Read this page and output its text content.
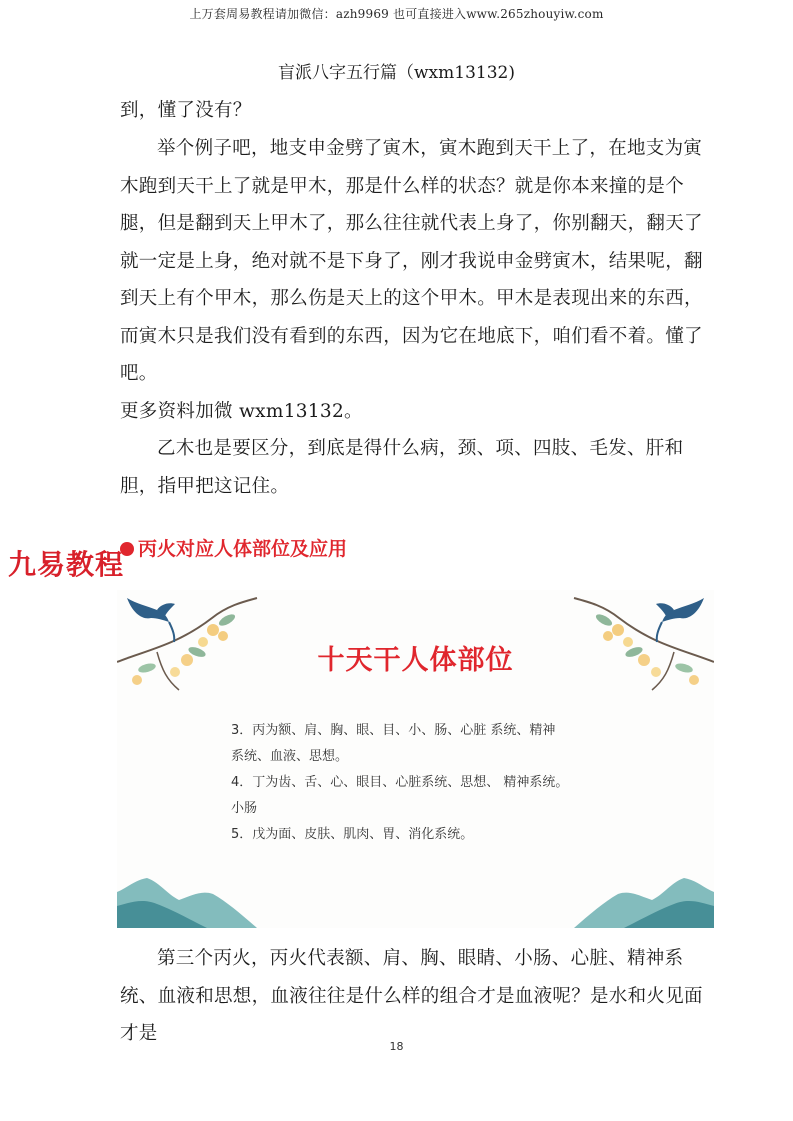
上万套周易教程请加微信：azh9969 也可直接进入www.265zhouyiw.com
盲派八字五行篇（wxm13132)

到，懂了没有？

举个例子吧，地支申金劈了寅木，寅木跑到天干上了，在地支为寅木跑到天干上了就是甲木，那是什么样的状态？就是你本来撞的是个腿，但是翻到天上甲木了，那么往往就代表上身了，你别翻天，翻天了就一定是上身，绝对就不是下身了，刚才我说申金劈寅木，结果呢，翻到天上有个甲木，那么伤是天上的这个甲木。甲木是表现出来的东西，而寅木只是我们没有看到的东西，因为它在地底下，咱们看不着。懂了吧。

更多资料加微 wxm13132。

乙木也是要区分，到底是得什么病，颈、项、四肢、毛发、肝和胆，指甲把这记住。

丙火对应人体部位及应用
九易教程
十天干人体部位
3．丙为额、肩、胸、眼、目、小、肠、心脏 系统、精神
系统、血液、思想。
4．丁为齿、舌、心、眼目、心脏系统、思想、 精神系统。
小肠
5．戊为面、皮肤、肌肉、胃、消化系统。

第三个丙火，丙火代表额、肩、胸、眼睛、小肠、心脏、精神系统、血液和思想，血液往往是什么样的组合才是血液呢？是水和火见面才是

18
